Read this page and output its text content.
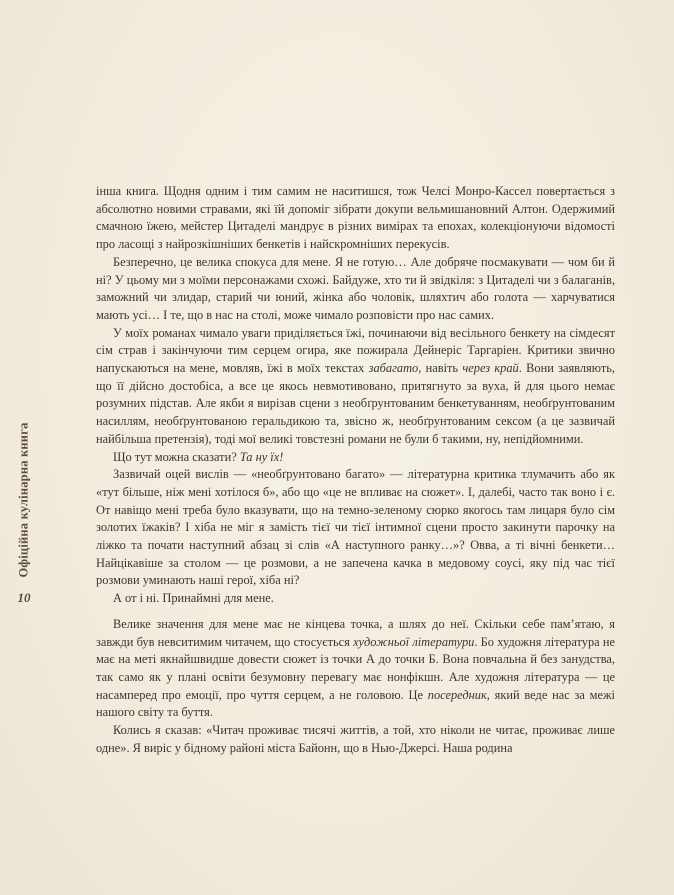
Офіційна кулінарна книга
10

інша книга. Щодня одним і тим самим не наситишся, тож Челсі Монро-Кассел повертається з абсолютно новими стравами, які їй допоміг зібрати докупи вельмишановний Алтон. Одержимий смачною їжею, мейстер Цитаделі мандрує в різних вимірах та епохах, колекціонуючи відомості про ласощі з найрозкішніших бенкетів і найскромніших перекусів.

Безперечно, це велика спокуса для мене. Я не готую… Але добряче посмакувати — чом би й ні? У цьому ми з моїми персонажами схожі. Байдуже, хто ти й звідкіля: з Цитаделі чи з балаганів, заможний чи злидар, старий чи юний, жінка або чоловік, шляхтич або голота — харчуватися мають усі… І те, що в нас на столі, може чимало розповісти про нас самих.

У моїх романах чимало уваги приділяється їжі, починаючи від весільного бенкету на сімдесят сім страв і закінчуючи тим серцем огира, яке пожирала Дейнеріс Таргаріен. Критики звично напускаються на мене, мовляв, їжі в моїх текстах забагато, навіть через край. Вони заявляють, що її дійсно достобіса, а все це якось невмотивовано, притягнуто за вуха, й для цього немає розумних підстав. Але якби я вирізав сцени з необґрунтованим бенкетуванням, необґрунтованим насиллям, необґрунтованою геральдикою та, звісно ж, необґрунтованим сексом (а це зазвичай найбільша претензія), тоді мої великі товстезні романи не були б такими, ну, непідйомними.

Що тут можна сказати? Та ну їх!

Зазвичай оцей вислів — «необґрунтовано багато» — літературна критика тлумачить або як «тут більше, ніж мені хотілося б», або що «це не впливає на сюжет». І, далебі, часто так воно і є. От навіщо мені треба було вказувати, що на темно-зеленому сюрко якогось там лицаря було сім золотих їжаків? І хіба не міг я замість тієї чи тієї інтимної сцени просто закинути парочку на ліжко та почати наступний абзац зі слів «А наступного ранку…»? Овва, а ті вічні бенкети… Найцікавіше за столом — це розмови, а не запечена качка в медовому соусі, яку під час тієї розмови уминають наші герої, хіба ні?

А от і ні. Принаймні для мене.

Велике значення для мене має не кінцева точка, а шлях до неї. Скільки себе пам’ятаю, я завжди був невситимим читачем, що стосується художньої літератури. Бо художня література не має на меті якнайшвидше довести сюжет із точки А до точки Б. Вона повчальна й без занудства, так само як у плані освіти безумовну перевагу має нонфікшн. Але художня література — це насамперед про емоції, про чуття серцем, а не головою. Це посередник, який веде нас за межі нашого світу та буття.

Колись я сказав: «Читач проживає тисячі життів, а той, хто ніколи не читає, проживає лише одне». Я виріс у бідному районі міста Байонн, що в Нью-Джерсі. Наша родина
